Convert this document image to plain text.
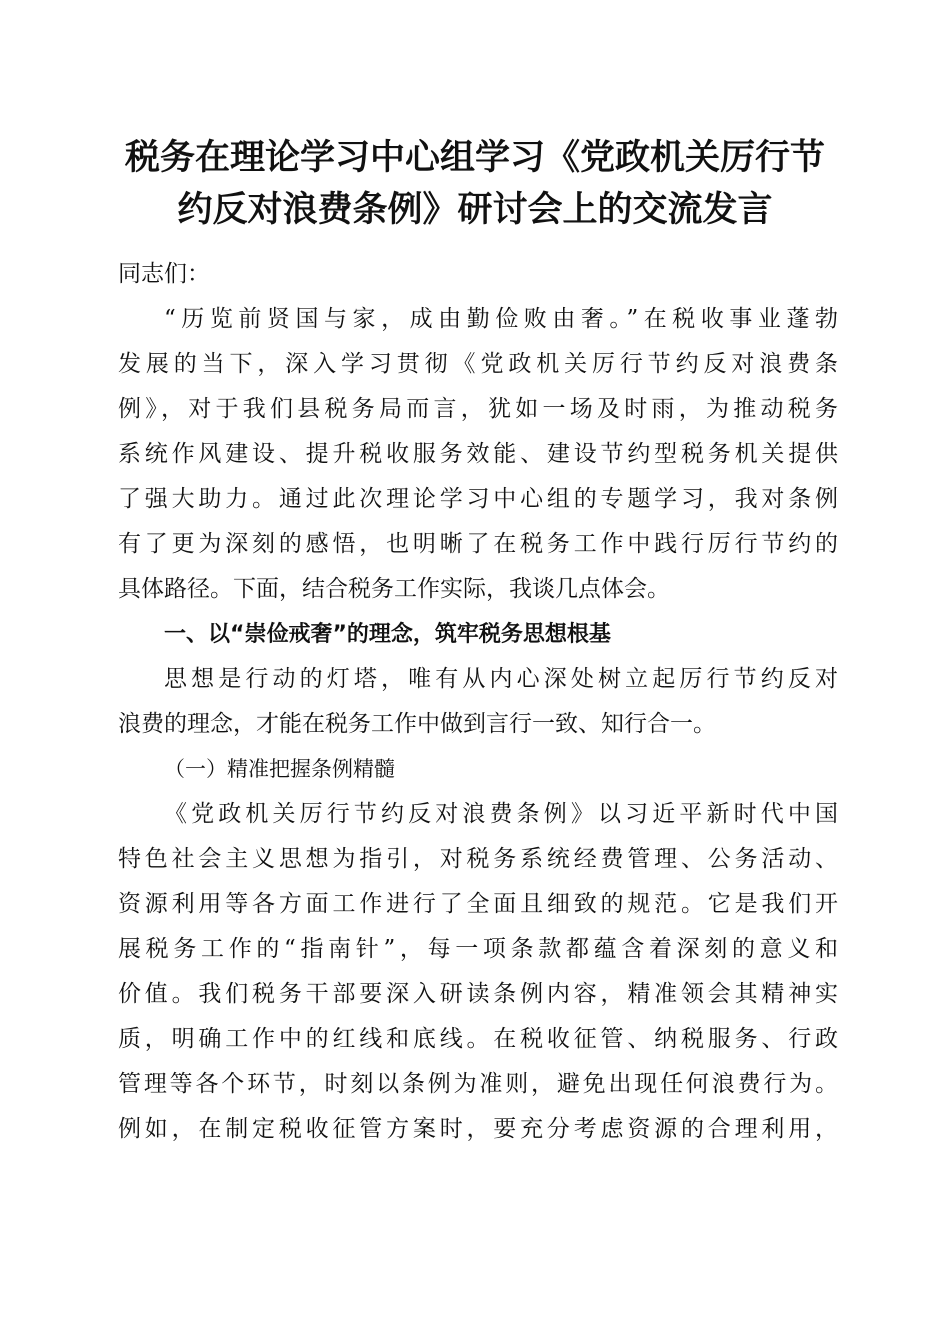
税务在理论学习中心组学习《党政机关厉行节
约反对浪费条例》研讨会上的交流发言
同志们：
“历览前贤国与家，成由勤俭败由奢。”在税收事业蓬勃
发展的当下，深入学习贯彻《党政机关厉行节约反对浪费条
例》，对于我们县税务局而言，犹如一场及时雨，为推动税务
系统作风建设、提升税收服务效能、建设节约型税务机关提供
了强大助力。通过此次理论学习中心组的专题学习，我对条例
有了更为深刻的感悟，也明晰了在税务工作中践行厉行节约的
具体路径。下面，结合税务工作实际，我谈几点体会。
一、以“崇俭戒奢”的理念，筑牢税务思想根基
思想是行动的灯塔，唯有从内心深处树立起厉行节约反对
浪费的理念，才能在税务工作中做到言行一致、知行合一。
（一）精准把握条例精髓
《党政机关厉行节约反对浪费条例》以习近平新时代中国
特色社会主义思想为指引，对税务系统经费管理、公务活动、
资源利用等各方面工作进行了全面且细致的规范。它是我们开
展税务工作的“指南针”，每一项条款都蕴含着深刻的意义和
价值。我们税务干部要深入研读条例内容，精准领会其精神实
质，明确工作中的红线和底线。在税收征管、纳税服务、行政
管理等各个环节，时刻以条例为准则，避免出现任何浪费行为。
例如，在制定税收征管方案时，要充分考虑资源的合理利用，
